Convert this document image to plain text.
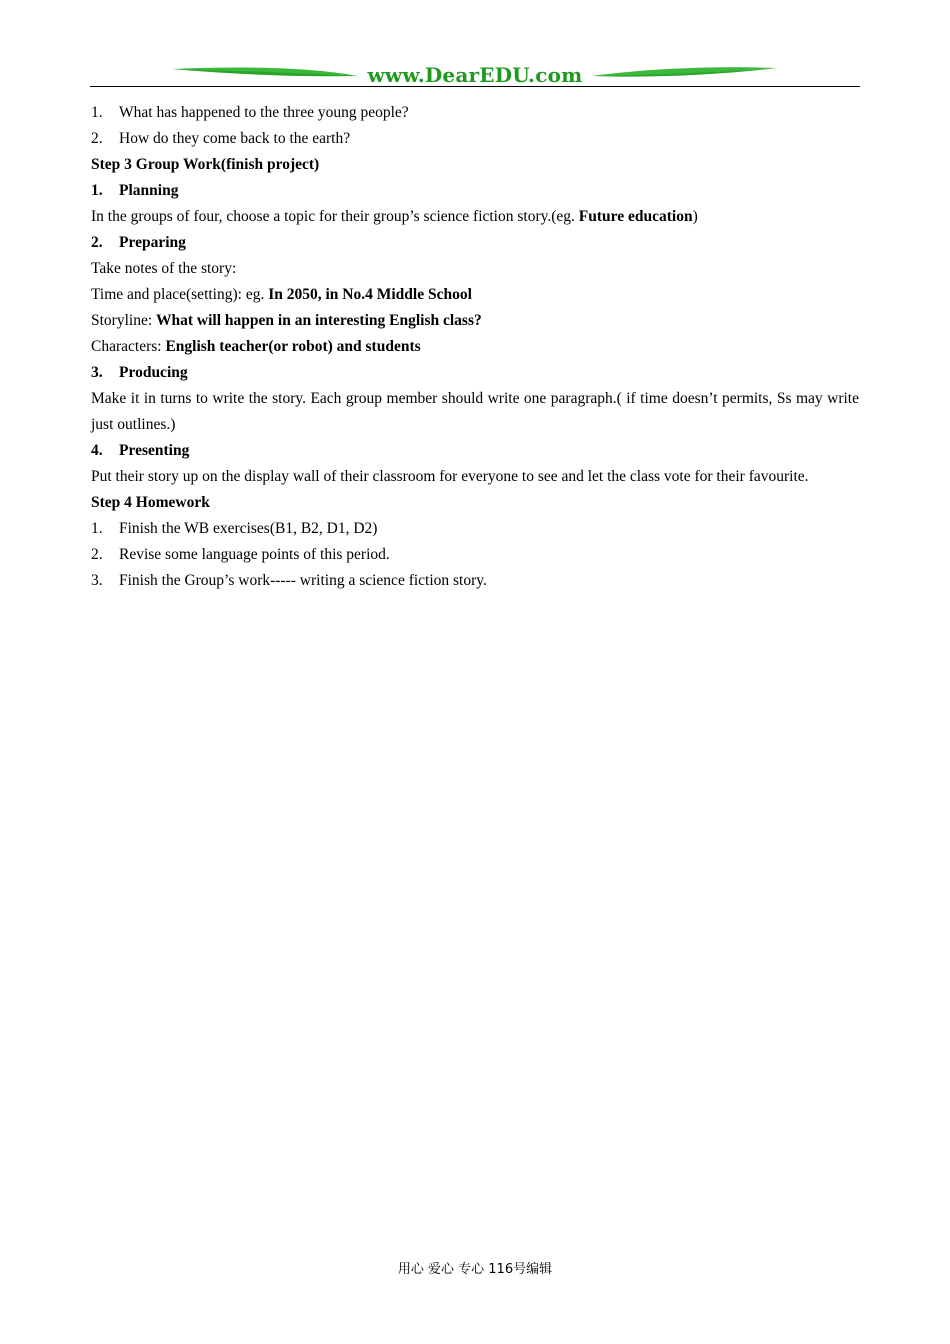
www.DearEDU.com

1. What has happened to the three young people?

2. How do they come back to the earth?

Step 3 Group Work(finish project)

1. Planning

In the groups of four, choose a topic for their group’s science fiction story.(eg. Future education)

2. Preparing

Take notes of the story:

Time and place(setting): eg. In 2050, in No.4 Middle School

Storyline: What will happen in an interesting English class?

Characters: English teacher(or robot) and students

3. Producing

Make it in turns to write the story. Each group member should write one paragraph.( if time doesn’t permits, Ss may write just outlines.)

4. Presenting

Put their story up on the display wall of their classroom for everyone to see and let the class vote for their favourite.

Step 4 Homework

1. Finish the WB exercises(B1, B2, D1, D2)

2. Revise some language points of this period.

3. Finish the Group’s work----- writing a science fiction story.

用心 爱心 专心 116号编辑
